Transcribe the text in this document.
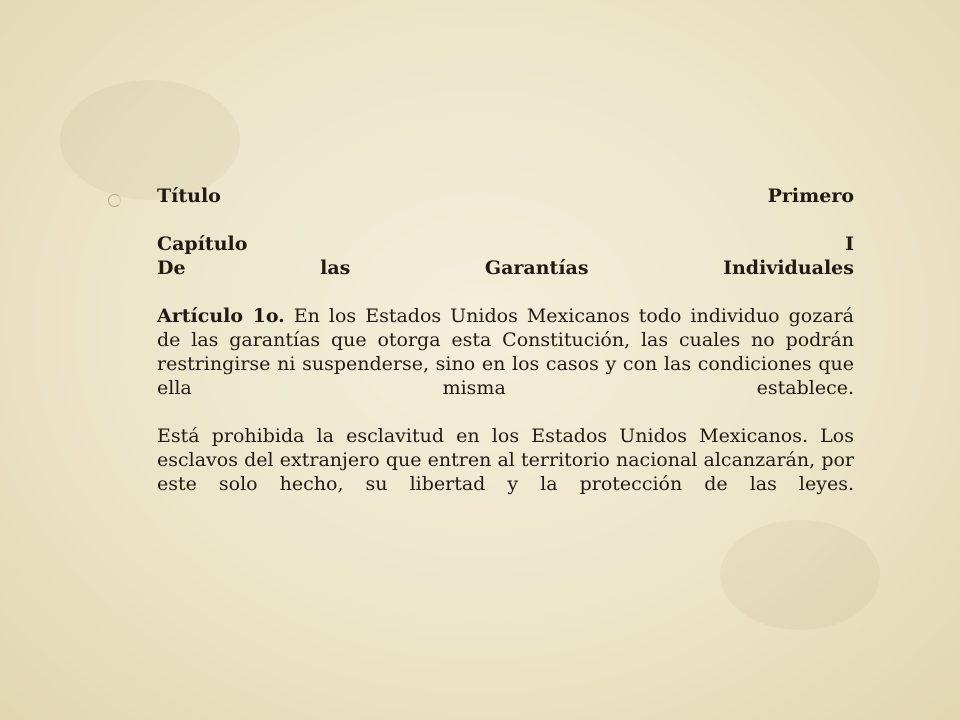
Título	Primero
Capítulo	I
De	las	Garantías	Individuales
Artículo 1o. En los Estados Unidos Mexicanos todo individuo gozará de las garantías que otorga esta Constitución, las cuales no podrán restringirse ni suspenderse, sino en los casos y con las condiciones que ella misma establece.
Está prohibida la esclavitud en los Estados Unidos Mexicanos. Los esclavos del extranjero que entren al territorio nacional alcanzarán, por este solo hecho, su libertad y la protección de las leyes.
